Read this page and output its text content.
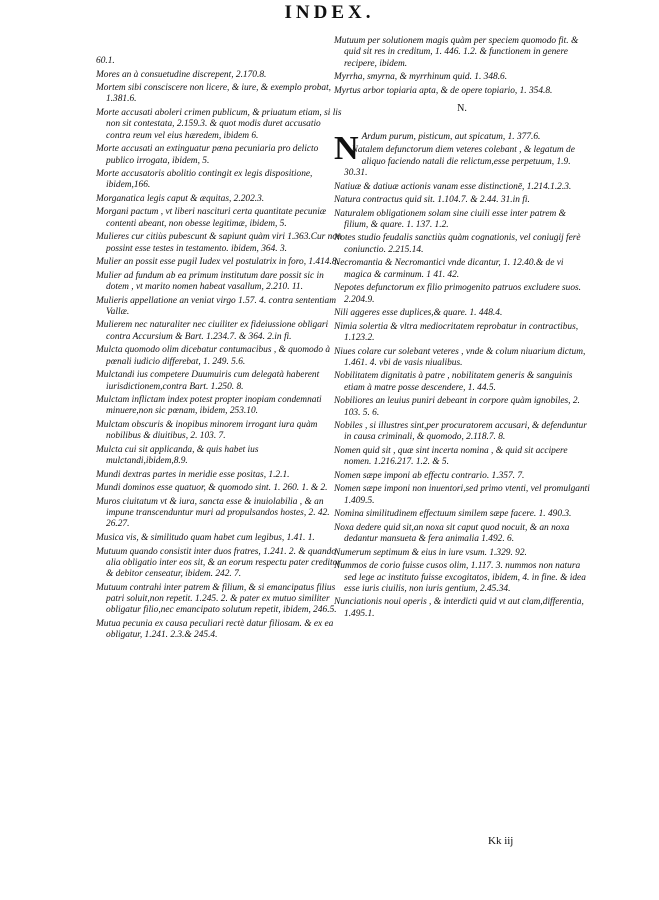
INDEX.
60.1.
Mores an à consuetudine discrepent, 2.170.8.
Mortem sibi consciscere non licere, & iure, & exemplo probat, 1.381.6.
Morte accusati aboleri crimen publicum, & priuatum etiam, si lis non sit contestata, 2.159.3. & quot modis duret accusatio contra reum vel eius hæredem, ibidem 6.
Morte accusati an extinguatur pœna pecuniaria pro delicto publico irrogata, ibidem, 5.
Morte accusatoris abolitio contingit ex legis dispositione, ibidem,166.
Morganatica legis caput & æquitas, 2.202.3.
Morgani pactum , vt liberi nascituri certa quantitate pecuniæ contenti abeant, non obesse legitimæ, ibidem, 5.
Mulieres cur citiùs pubescunt & sapiunt quàm viri 1.363.Cur non possint esse testes in testamento. ibidem, 364. 3.
Mulier an possit esse pugil Iudex vel postulatrix in foro, 1.414.8.
Mulier ad fundum ab ea primum institutum dare possit sic in dotem , vt marito nomen habeat vasallum, 2.210. 11.
Mulieris appellatione an veniat virgo 1.57. 4. contra sententiam Vallæ.
Mulierem nec naturaliter nec ciuiliter ex fideiussione obligari contra Accursium & Bart. 1.234.7. & 364. 2.in fi.
Mulcta quomodo olim dicebatur contumacibus , & quomodo à pœnali iudicio differebat, 1. 249. 5.6.
Mulctandi ius competere Duumuiris cum delegatà haberent iurisdictionem,contra Bart. 1.250. 8.
Mulctam inflictam index potest propter inopiam condemnati minuere,non sic pœnam, ibidem, 253.10.
Mulctam obscuris & inopibus minorem irrogant iura quàm nobilibus & diuitibus, 2. 103. 7.
Mulcta cui sit applicanda, & quis habet ius mulctandi,ibidem,8.9.
Mundi dextras partes in meridie esse positas, 1.2.1.
Mundi dominos esse quatuor, & quomodo sint. 1. 260. 1. & 2.
Muros ciuitatum vt & iura, sancta esse & inuiolabilia , & an impune transcenduntur muri ad propulsandos hostes, 2. 42. 26.27.
Musica vis, & similitudo quam habet cum legibus, 1.41. 1.
Mutuum quando consistit inter duos fratres, 1.241. 2. & quando alia obligatio inter eos sit, & an eorum respectu pater creditor & debitor censeatur, ibidem. 242. 7.
Mutuum contrahi inter patrem & filium, & si emancipatus filius patri soluit,non repetit. 1.245. 2. & pater ex mutuo similiter obligatur filio,nec emancipato solutum repetit, ibidem, 246.5.
Mutua pecunia ex causa peculiari rectè datur filiosam. & ex ea obligatur, 1.241. 2.3.& 245.4.
Mutuum per solutionem magis quàm per speciem quomodo fit. & quid sit res in creditum, 1. 446. 1.2. & functionem in genere recipere, ibidem.
Myrrha, smyrna, & myrrhinum quid. 1. 348.6.
Myrtus arbor topiaria apta, & de opere topiario, 1. 354.8.
N.

N Ardum purum, pisticum, aut spicatum, 1. 377.6.

Natalem defunctorum diem veteres colebant , & legatum de aliquo faciendo natali die relictum,esse perpetuum, 1.9. 30.31.
Natiuæ & datiuæ actionis vanam esse distinctionē, 1.214.1.2.3.
Natura contractus quid sit. 1.104.7. & 2.44. 31.in fi.
Naturalem obligationem solam sine ciuili esse inter patrem & filium, & quare. 1. 137. 1.2.
Notes studio feudalis sanctiùs quàm cognationis, vel coniugij ferè coniunctio. 2.215.14.
Necromantia & Necromantici vnde dicantur, 1. 12.40.& de vi magica & carminum. 1 41. 42.
Nepotes defunctorum ex filio primogenito patruos excludere suos. 2.204.9.
Nili aggeres esse duplices,& quare. 1. 448.4.
Nimia solertia & vltra mediocritatem reprobatur in contractibus, 1.123.2.
Niues colare cur solebant veteres , vnde & colum niuarium dictum, 1.461. 4. vbi de vasis niualibus.
Nobilitatem dignitatis à patre , nobilitatem generis & sanguinis etiam à matre posse descendere, 1. 44.5.
Nobiliores an leuius puniri debeant in corpore quàm ignobiles, 2. 103. 5. 6.
Nobiles , si illustres sint,per procuratorem accusari, & defenduntur in causa criminali, & quomodo, 2.118.7. 8.
Nomen quid sit , quæ sint incerta nomina , & quid sit accipere nomen. 1.216.217. 1.2. & 5.
Nomen sæpe imponi ab effectu contrario. 1.357. 7.
Nomen sæpe imponi non inuentori,sed primo vtenti, vel promulganti 1.409.5.
Nomina similitudinem effectuum similem sæpe facere. 1. 490.3.
Noxa dedere quid sit,an noxa sit caput quod nocuit, & an noxa dedantur mansueta & fera animalia 1.492. 6.
Numerum septimum & eius in iure vsum. 1.329. 92.
Nummos de corio fuisse cusos olim, 1.117. 3. nummos non natura sed lege ac instituto fuisse excogitatos, ibidem, 4. in fine. & idea esse iuris ciuilis, non iuris gentium, 2.45.34.
Nunciationis noui operis , & interdicti quid vt aut clam,differentia, 1.495.1.
Kk iij
